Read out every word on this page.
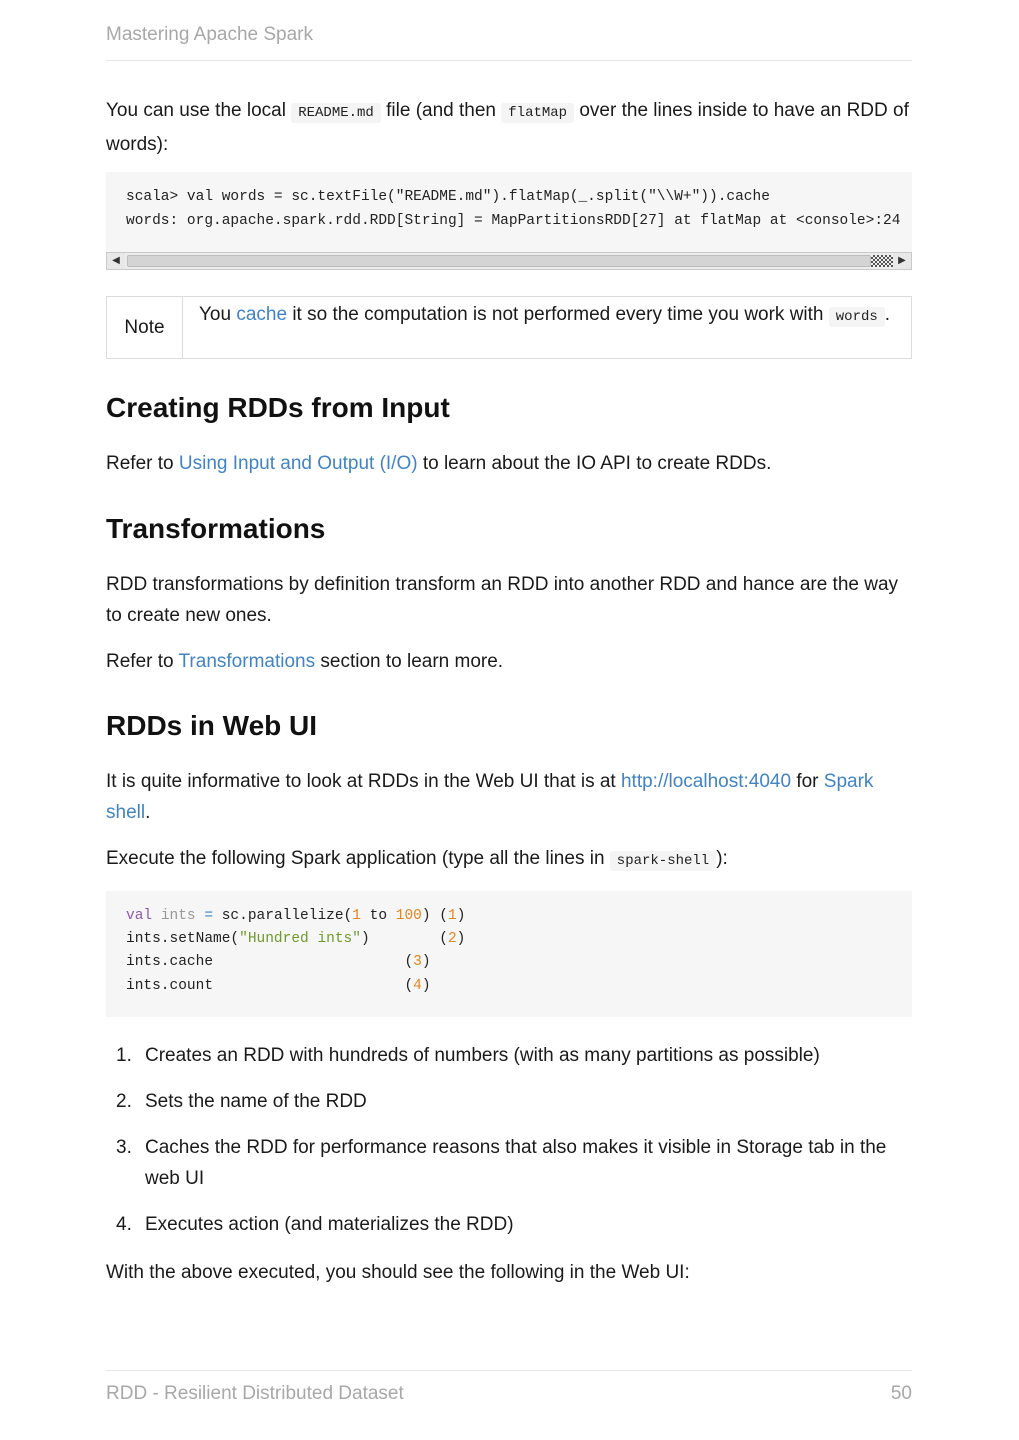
Mastering Apache Spark

You can use the local README.md file (and then flatMap over the lines inside to have an RDD of words):

scala> val words = sc.textFile("README.md").flatMap(_.split("\\W+")).cache

words: org.apache.spark.rdd.RDD[String] = MapPartitionsRDD[27] at flatMap at <console>:24

◀	▶
Note
You cache it so the computation is not performed every time you work with words .
Creating RDDs from Input

Refer to Using Input and Output (I/O) to learn about the IO API to create RDDs.

Transformations

RDD transformations by definition transform an RDD into another RDD and hance are the way to create new ones.

Refer to Transformations section to learn more.

RDDs in Web UI

It is quite informative to look at RDDs in the Web UI that is at http://localhost:4040 for Spark shell.

Execute the following Spark application (type all the lines in spark-shell ):

val ints = sc.parallelize(1 to 100) (1)

ints.setName("Hundred ints")        (2)

ints.cache                      (3)

ints.count                      (4)

1. Creates an RDD with hundreds of numbers (with as many partitions as possible)
2. Sets the name of the RDD
3. Caches the RDD for performance reasons that also makes it visible in Storage tab in the web UI
4. Executes action (and materializes the RDD)

With the above executed, you should see the following in the Web UI:

RDD - Resilient Distributed Dataset	50
